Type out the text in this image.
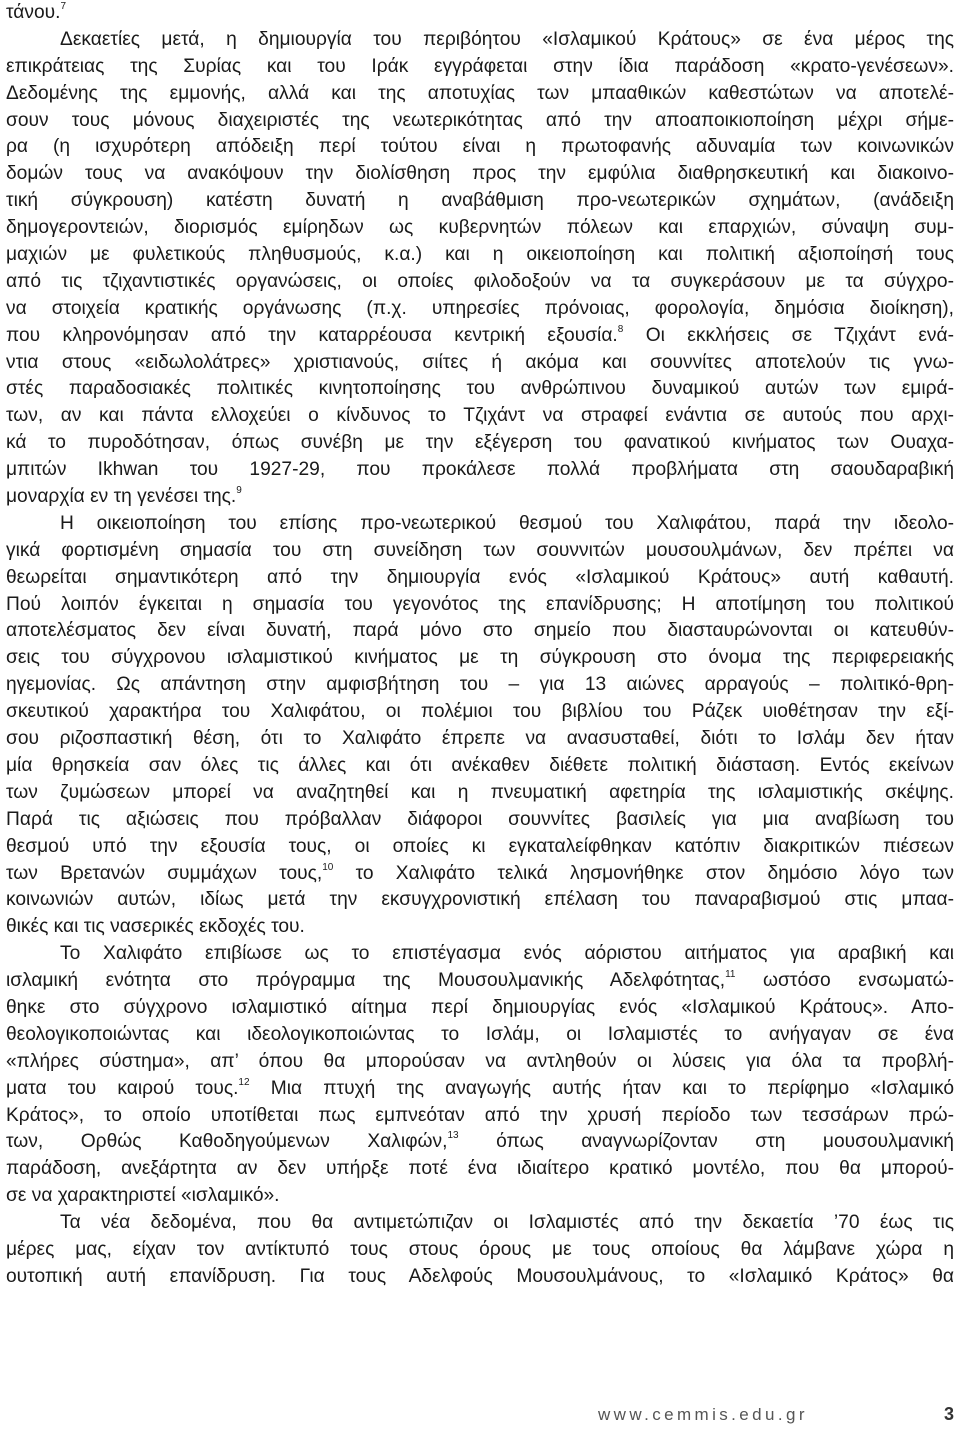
τάνου.$^7$
Δεκαετίες μετά, η δημιουργία του περιβόητου «Ισλαμικού Κράτους» σε ένα μέρος της
επικράτειας της Συρίας και του Ιράκ εγγράφεται στην ίδια παράδοση «κρατο-γενέσεων».
Δεδομένης της εμμονής, αλλά και της αποτυχίας των μπααθικών καθεστώτων να αποτελέ-
σουν τους μόνους διαχειριστές της νεωτερικότητας από την αποαποικιοποίηση μέχρι σήμε-
ρα (η ισχυρότερη απόδειξη περί τούτου είναι η πρωτοφανής αδυναμία των κοινωνικών
δομών τους να ανακόψουν την διολίσθηση προς την εμφύλια διαθρησκευτική και διακοινο-
τική σύγκρουση) κατέστη δυνατή η αναβάθμιση προ-νεωτερικών σχημάτων, (ανάδειξη
δημογεροντειών, διορισμός εμίρηδων ως κυβερνητών πόλεων και επαρχιών, σύναψη συμ-
μαχιών με φυλετικούς πληθυσμούς, κ.α.) και η οικειοποίηση και πολιτική αξιοποίησή τους
από τις τζιχαντιστικές οργανώσεις, οι οποίες φιλοδοξούν να τα συγκεράσουν με τα σύγχρο-
να στοιχεία κρατικής οργάνωσης (π.χ. υπηρεσίες πρόνοιας, φορολογία, δημόσια διοίκηση),
που κληρονόμησαν από την καταρρέουσα κεντρική εξουσία.$^8$ Οι εκκλήσεις σε Τζιχάντ ενά-
ντια στους «ειδωλολάτρες» χριστιανούς, σιίτες ή ακόμα και σουννίτες αποτελούν τις γνω-
στές παραδοσιακές πολιτικές κινητοποίησης του ανθρώπινου δυναμικού αυτών των εμιρά-
των, αν και πάντα ελλοχεύει ο κίνδυνος το Τζιχάντ να στραφεί ενάντια σε αυτούς που αρχι-
κά το πυροδότησαν, όπως συνέβη με την εξέγερση του φανατικού κινήματος των Ουαχα-
μπιτών Ikhwan του 1927-29, που προκάλεσε πολλά προβλήματα στη σαουδαραβική
μοναρχία εν τη γενέσει της.$^9$
Η οικειοποίηση του επίσης προ-νεωτερικού θεσμού του Χαλιφάτου, παρά την ιδεολο-
γικά φορτισμένη σημασία του στη συνείδηση των σουννιτών μουσουλμάνων, δεν πρέπει να
θεωρείται σημαντικότερη από την δημιουργία ενός «Ισλαμικού Κράτους» αυτή καθαυτή.
Πού λοιπόν έγκειται η σημασία του γεγονότος της επανίδρυσης; Η αποτίμηση του πολιτικού
αποτελέσματος δεν είναι δυνατή, παρά μόνο στο σημείο που διασταυρώνονται οι κατευθύν-
σεις του σύγχρονου ισλαμιστικού κινήματος με τη σύγκρουση στο όνομα της περιφερειακής
ηγεμονίας. Ως απάντηση στην αμφισβήτηση του – για 13 αιώνες αρραγούς – πολιτικό-θρη-
σκευτικού χαρακτήρα του Χαλιφάτου, οι πολέμιοι του βιβλίου του Ράζεκ υιοθέτησαν την εξί-
σου ριζοσπαστική θέση, ότι το Χαλιφάτο έπρεπε να ανασυσταθεί, διότι το Ισλάμ δεν ήταν
μία θρησκεία σαν όλες τις άλλες και ότι ανέκαθεν διέθετε πολιτική διάσταση. Εντός εκείνων
των ζυμώσεων μπορεί να αναζητηθεί και η πνευματική αφετηρία της ισλαμιστικής σκέψης.
Παρά τις αξιώσεις που πρόβαλλαν διάφοροι σουννίτες βασιλείς για μια αναβίωση του
θεσμού υπό την εξουσία τους, οι οποίες κι εγκαταλείφθηκαν κατόπιν διακριτικών πιέσεων
των Βρετανών συμμάχων τους,$^{10}$ το Χαλιφάτο τελικά λησμονήθηκε στον δημόσιο λόγο των
κοινωνιών αυτών, ιδίως μετά την εκσυγχρονιστική επέλαση του παναραβισμού στις μπαα-
θικές και τις νασερικές εκδοχές του.
Το Χαλιφάτο επιβίωσε ως το επιστέγασμα ενός αόριστου αιτήματος για αραβική και
ισλαμική ενότητα στο πρόγραμμα της Μουσουλμανικής Αδελφότητας,$^{11}$ ωστόσο ενσωματώ-
θηκε στο σύγχρονο ισλαμιστικό αίτημα περί δημιουργίας ενός «Ισλαμικού Κράτους». Απο-
θεολογικοποιώντας και ιδεολογικοποιώντας το Ισλάμ, οι Ισλαμιστές το ανήγαγαν σε ένα
«πλήρες σύστημα», απ’ όπου θα μπορούσαν να αντληθούν οι λύσεις για όλα τα προβλή-
ματα του καιρού τους.$^{12}$ Μια πτυχή της αναγωγής αυτής ήταν και το περίφημο «Ισλαμικό
Κράτος», το οποίο υποτίθεται πως εμπνεόταν από την χρυσή περίοδο των τεσσάρων πρώ-
των, Ορθώς Καθοδηγούμενων Χαλιφών,$^{13}$ όπως αναγνωρίζονταν στη μουσουλμανική
παράδοση, ανεξάρτητα αν δεν υπήρξε ποτέ ένα ιδιαίτερο κρατικό μοντέλο, που θα μπορού-
σε να χαρακτηριστεί «ισλαμικό».
Τα νέα δεδομένα, που θα αντιμετώπιζαν οι Ισλαμιστές από την δεκαετία ’70 έως τις
μέρες μας, είχαν τον αντίκτυπό τους στους όρους με τους οποίους θα λάμβανε χώρα η
ουτοπική αυτή επανίδρυση. Για τους Αδελφούς Μουσουλμάνους, το «Ισλαμικό Κράτος» θα
www.cemmis.edu.gr	3
